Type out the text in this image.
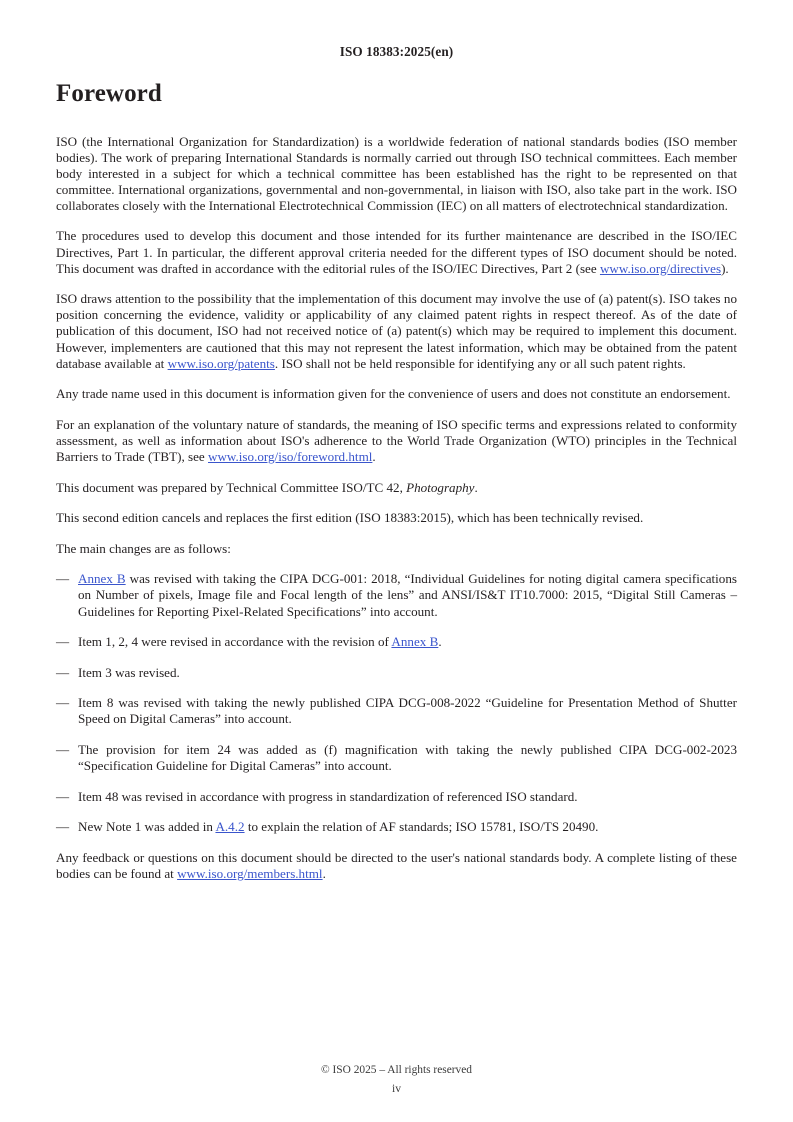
ISO 18383:2025(en)
Foreword

ISO (the International Organization for Standardization) is a worldwide federation of national standards bodies (ISO member bodies). The work of preparing International Standards is normally carried out through ISO technical committees. Each member body interested in a subject for which a technical committee has been established has the right to be represented on that committee. International organizations, governmental and non-governmental, in liaison with ISO, also take part in the work. ISO collaborates closely with the International Electrotechnical Commission (IEC) on all matters of electrotechnical standardization.

The procedures used to develop this document and those intended for its further maintenance are described in the ISO/IEC Directives, Part 1. In particular, the different approval criteria needed for the different types of ISO document should be noted. This document was drafted in accordance with the editorial rules of the ISO/IEC Directives, Part 2 (see www.iso.org/directives).

ISO draws attention to the possibility that the implementation of this document may involve the use of (a) patent(s). ISO takes no position concerning the evidence, validity or applicability of any claimed patent rights in respect thereof. As of the date of publication of this document, ISO had not received notice of (a) patent(s) which may be required to implement this document. However, implementers are cautioned that this may not represent the latest information, which may be obtained from the patent database available at www.iso.org/patents. ISO shall not be held responsible for identifying any or all such patent rights.

Any trade name used in this document is information given for the convenience of users and does not constitute an endorsement.

For an explanation of the voluntary nature of standards, the meaning of ISO specific terms and expressions related to conformity assessment, as well as information about ISO's adherence to the World Trade Organization (WTO) principles in the Technical Barriers to Trade (TBT), see www.iso.org/iso/foreword.html.

This document was prepared by Technical Committee ISO/TC 42, Photography.

This second edition cancels and replaces the first edition (ISO 18383:2015), which has been technically revised.

The main changes are as follows:

— Annex B was revised with taking the CIPA DCG-001: 2018, “Individual Guidelines for noting digital camera specifications on Number of pixels, Image file and Focal length of the lens” and ANSI/IS&T IT10.7000: 2015, “Digital Still Cameras – Guidelines for Reporting Pixel-Related Specifications” into account.
— Item 1, 2, 4 were revised in accordance with the revision of Annex B.
— Item 3 was revised.
— Item 8 was revised with taking the newly published CIPA DCG-008-2022 “Guideline for Presentation Method of Shutter Speed on Digital Cameras” into account.
— The provision for item 24 was added as (f) magnification with taking the newly published CIPA DCG-002-2023 “Specification Guideline for Digital Cameras” into account.
— Item 48 was revised in accordance with progress in standardization of referenced ISO standard.
— New Note 1 was added in A.4.2 to explain the relation of AF standards; ISO 15781, ISO/TS 20490.

Any feedback or questions on this document should be directed to the user's national standards body. A complete listing of these bodies can be found at www.iso.org/members.html.

© ISO 2025 – All rights reserved
iv
